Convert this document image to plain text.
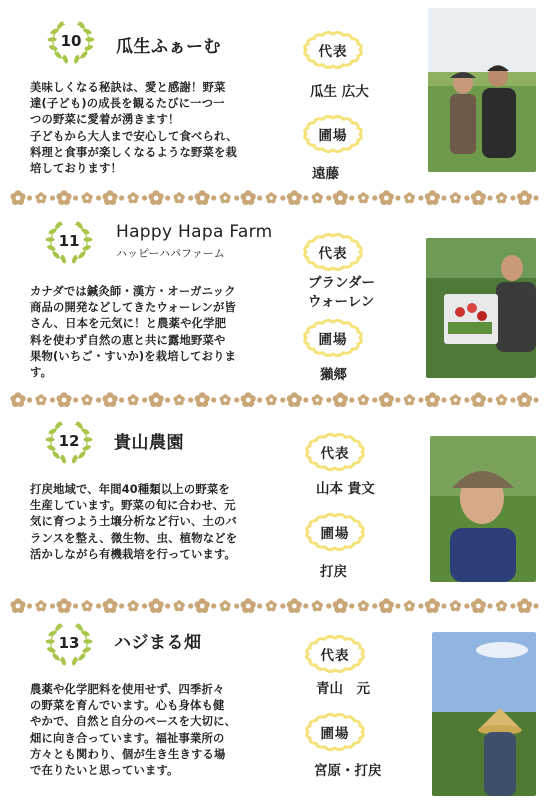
10	瓜生ふぁーむ

美味しくなる秘訣は、愛と感謝！野菜

達(子ども)の成長を観るたびに一つ一

つの野菜に愛着が湧きます！

子どもから大人まで安心して食べられ、

料理と食事が楽しくなるような野菜を栽

培しております！

代表
瓜生 広大
圃場
遠藤
11	Happy Hapa Farm
ハッピーハパファーム

カナダでは鍼灸師・漢方・オーガニック

商品の開発などしてきたウォーレンが皆

さん、日本を元気に！と農薬や化学肥

料を使わず自然の恵と共に露地野菜や

果物(いちご・すいか)を栽培しておりま

す。

代表
ブランダー
ウォーレン
圃場
獺郷
12	貴山農園

打戻地域で、年間40種類以上の野菜を

生産しています。野菜の旬に合わせ、元

気に育つよう土壌分析など行い、土のバ

ランスを整え、微生物、虫、植物などを

活かしながら有機栽培を行っています。

代表
山本 貴文
圃場
打戻
13	ハジまる畑

農薬や化学肥料を使用せず、四季折々

の野菜を育んでいます。心も身体も健

やかで、自然と自分のペースを大切に、

畑に向き合っています。福祉事業所の

方々とも関わり、個が生き生きする場

で在りたいと思っています。

代表
青山　元
圃場
宮原・打戻
